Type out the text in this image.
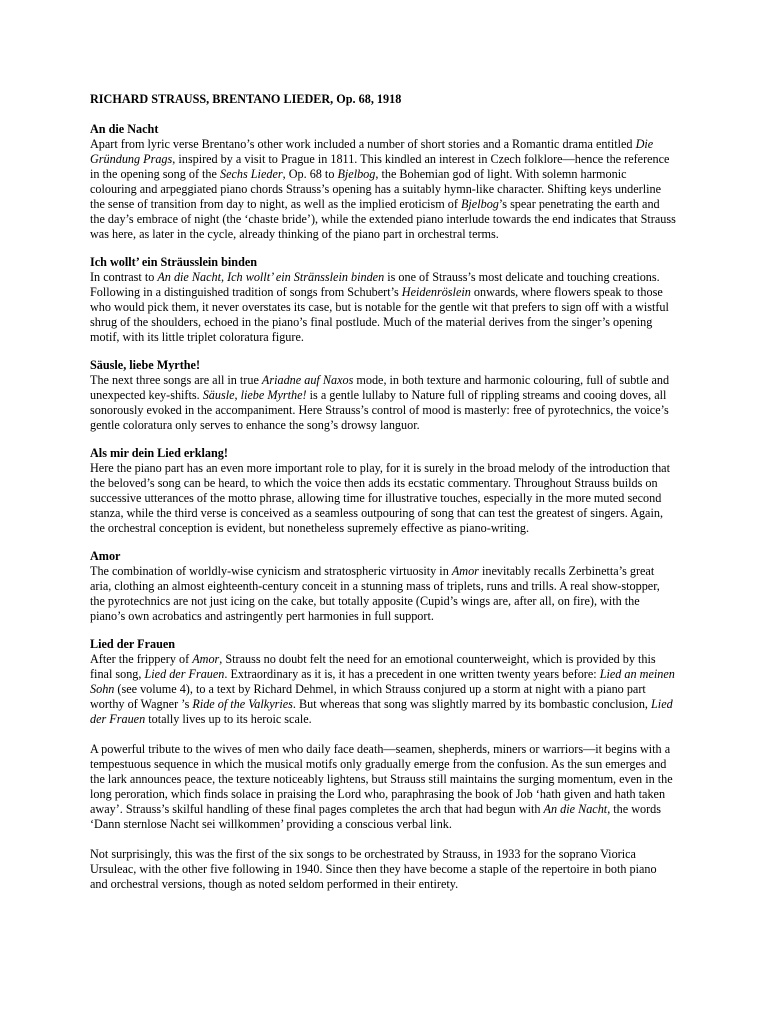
RICHARD STRAUSS, BRENTANO LIEDER, Op. 68, 1918

An die Nacht

Apart from lyric verse Brentano’s other work included a number of short stories and a Romantic drama entitled Die Gründung Prags, inspired by a visit to Prague in 1811. This kindled an interest in Czech folklore—hence the reference in the opening song of the Sechs Lieder, Op. 68 to Bjelbog, the Bohemian god of light. With solemn harmonic colouring and arpeggiated piano chords Strauss’s opening has a suitably hymn-like character. Shifting keys underline the sense of transition from day to night, as well as the implied eroticism of Bjelbog’s spear penetrating the earth and the day’s embrace of night (the ‘chaste bride’), while the extended piano interlude towards the end indicates that Strauss was here, as later in the cycle, already thinking of the piano part in orchestral terms.

Ich wollt’ ein Sträusslein binden

In contrast to An die Nacht, Ich wollt’ ein Stränsslein binden is one of Strauss’s most delicate and touching creations. Following in a distinguished tradition of songs from Schubert’s Heidenröslein onwards, where flowers speak to those who would pick them, it never overstates its case, but is notable for the gentle wit that prefers to sign off with a wistful shrug of the shoulders, echoed in the piano’s final postlude. Much of the material derives from the singer’s opening motif, with its little triplet coloratura figure.

Säusle, liebe Myrthe!

The next three songs are all in true Ariadne auf Naxos mode, in both texture and harmonic colouring, full of subtle and unexpected key-shifts. Säusle, liebe Myrthe! is a gentle lullaby to Nature full of rippling streams and cooing doves, all sonorously evoked in the accompaniment. Here Strauss’s control of mood is masterly: free of pyrotechnics, the voice’s gentle coloratura only serves to enhance the song’s drowsy languor.

Als mir dein Lied erklang!

Here the piano part has an even more important role to play, for it is surely in the broad melody of the introduction that the beloved’s song can be heard, to which the voice then adds its ecstatic commentary. Throughout Strauss builds on successive utterances of the motto phrase, allowing time for illustrative touches, especially in the more muted second stanza, while the third verse is conceived as a seamless outpouring of song that can test the greatest of singers. Again, the orchestral conception is evident, but nonetheless supremely effective as piano-writing.

Amor

The combination of worldly-wise cynicism and stratospheric virtuosity in Amor inevitably recalls Zerbinetta’s great aria, clothing an almost eighteenth-century conceit in a stunning mass of triplets, runs and trills. A real show-stopper, the pyrotechnics are not just icing on the cake, but totally apposite (Cupid’s wings are, after all, on fire), with the piano’s own acrobatics and astringently pert harmonies in full support.

Lied der Frauen

After the frippery of Amor, Strauss no doubt felt the need for an emotional counterweight, which is provided by this final song, Lied der Frauen. Extraordinary as it is, it has a precedent in one written twenty years before: Lied an meinen Sohn (see volume 4), to a text by Richard Dehmel, in which Strauss conjured up a storm at night with a piano part worthy of Wagner ’s Ride of the Valkyries. But whereas that song was slightly marred by its bombastic conclusion, Lied der Frauen totally lives up to its heroic scale.

A powerful tribute to the wives of men who daily face death—seamen, shepherds, miners or warriors—it begins with a tempestuous sequence in which the musical motifs only gradually emerge from the confusion. As the sun emerges and the lark announces peace, the texture noticeably lightens, but Strauss still maintains the surging momentum, even in the long peroration, which finds solace in praising the Lord who, paraphrasing the book of Job ‘hath given and hath taken away’. Strauss’s skilful handling of these final pages completes the arch that had begun with An die Nacht, the words ‘Dann sternlose Nacht sei willkommen’ providing a conscious verbal link.

Not surprisingly, this was the first of the six songs to be orchestrated by Strauss, in 1933 for the soprano Viorica Ursuleac, with the other five following in 1940. Since then they have become a staple of the repertoire in both piano and orchestral versions, though as noted seldom performed in their entirety.
